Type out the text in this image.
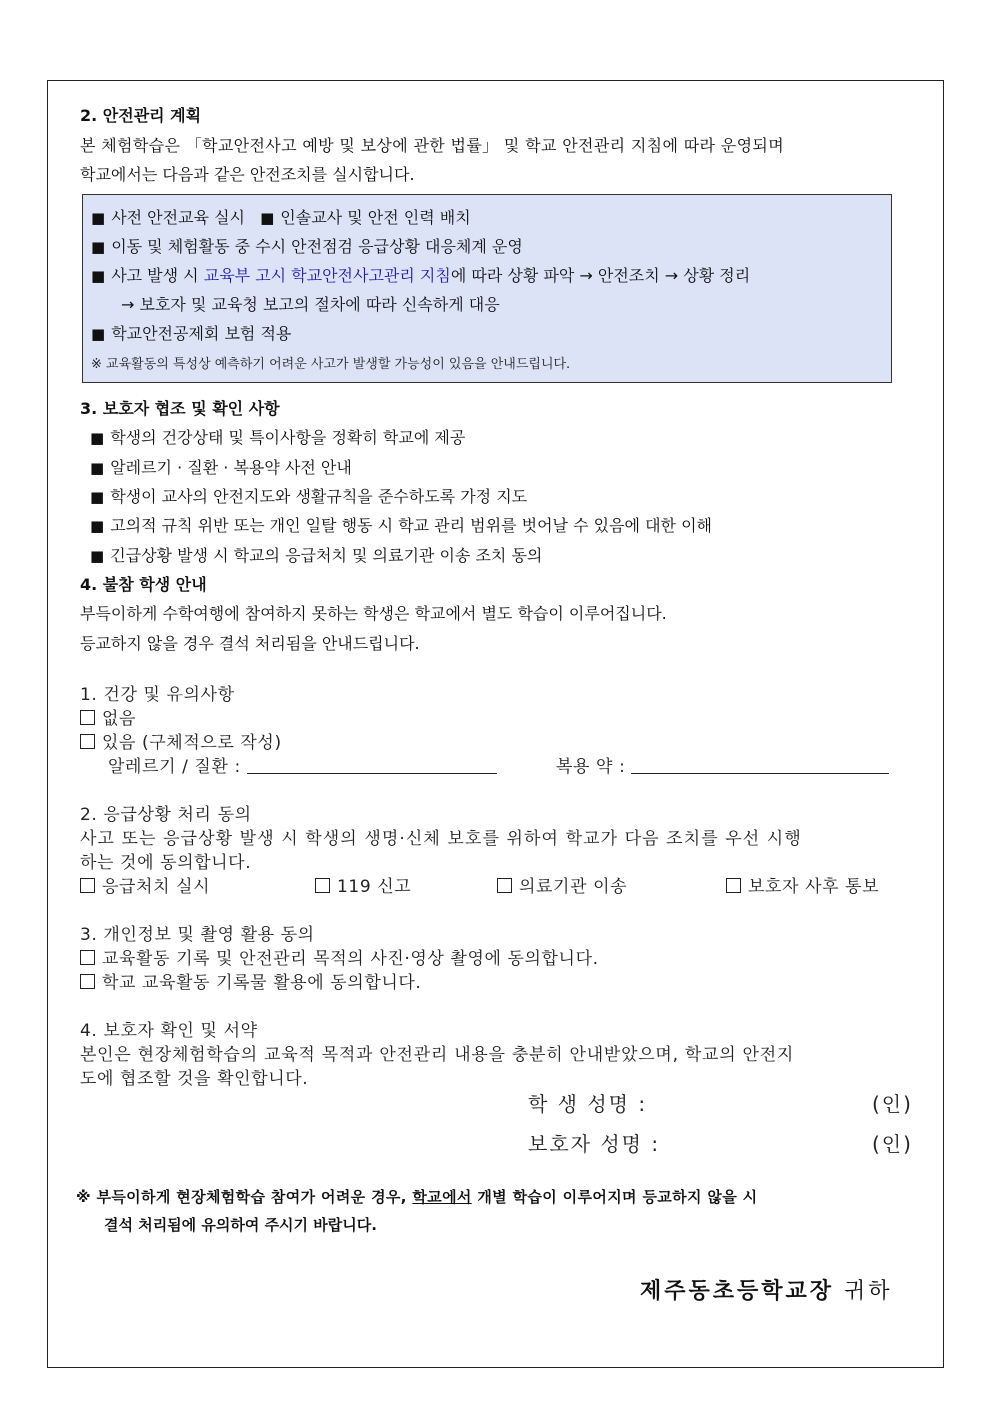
2. 안전관리 계획
본 체험학습은 「학교안전사고 예방 및 보상에 관한 법률」 및 학교 안전관리 지침에 따라 운영되며
학교에서는 다음과 같은 안전조치를 실시합니다.
■ 사전 안전교육 실시 ■ 인솔교사 및 안전 인력 배치
■ 이동 및 체험활동 중 수시 안전점검 응급상황 대응체계 운영
■ 사고 발생 시 교육부 고시 학교안전사고관리 지침에 따라 상황 파악 → 안전조치 → 상황 정리
→ 보호자 및 교육청 보고의 절차에 따라 신속하게 대응
■ 학교안전공제회 보험 적용
※ 교육활동의 특성상 예측하기 어려운 사고가 발생할 가능성이 있음을 안내드립니다.
3. 보호자 협조 및 확인 사항
■ 학생의 건강상태 및 특이사항을 정확히 학교에 제공
■ 알레르기 · 질환 · 복용약 사전 안내
■ 학생이 교사의 안전지도와 생활규칙을 준수하도록 가정 지도
■ 고의적 규칙 위반 또는 개인 일탈 행동 시 학교 관리 범위를 벗어날 수 있음에 대한 이해
■ 긴급상황 발생 시 학교의 응급처치 및 의료기관 이송 조치 동의
4. 불참 학생 안내
부득이하게 수학여행에 참여하지 못하는 학생은 학교에서 별도 학습이 이루어집니다.
등교하지 않을 경우 결석 처리됨을 안내드립니다.
1. 건강 및 유의사항
없음
있음 (구체적으로 작성)
알레르기 / 질환 :	복용 약 :
2. 응급상황 처리 동의
사고 또는 응급상황 발생 시 학생의 생명·신체 보호를 위하여 학교가 다음 조치를 우선 시행
하는 것에 동의합니다.
응급처치 실시	119 신고	의료기관 이송	보호자 사후 통보
3. 개인정보 및 촬영 활용 동의
교육활동 기록 및 안전관리 목적의 사진·영상 촬영에 동의합니다.
학교 교육활동 기록물 활용에 동의합니다.
4. 보호자 확인 및 서약
본인은 현장체험학습의 교육적 목적과 안전관리 내용을 충분히 안내받았으며, 학교의 안전지
도에 협조할 것을 확인합니다.
학 생 성명 :	(인)
보호자 성명 :	(인)
※ 부득이하게 현장체험학습 참여가 어려운 경우, 학교에서 개별 학습이 이루어지며 등교하지 않을 시
결석 처리됨에 유의하여 주시기 바랍니다.
제주동초등학교장 귀하
